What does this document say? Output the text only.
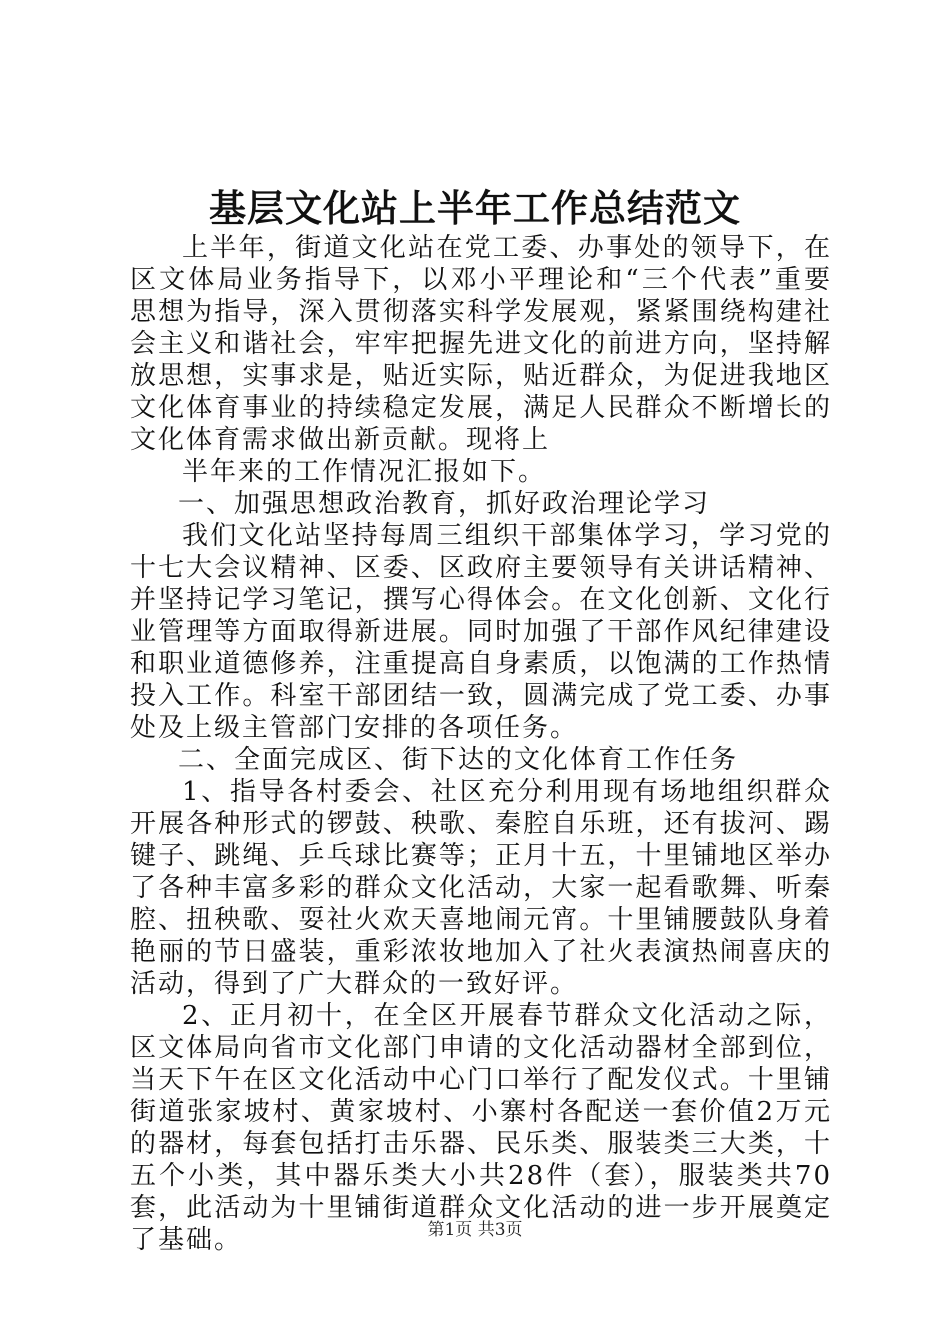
基层文化站上半年工作总结范文

上半年，街道文化站在党工委、办事处的领导下，在区文体局业务指导下，以邓小平理论和“三个代表”重要思想为指导，深入贯彻落实科学发展观，紧紧围绕构建社会主义和谐社会，牢牢把握先进文化的前进方向，坚持解放思想，实事求是，贴近实际，贴近群众，为促进我地区文化体育事业的持续稳定发展，满足人民群众不断增长的文化体育需求做出新贡献。现将上

半年来的工作情况汇报如下。

一、加强思想政治教育，抓好政治理论学习

我们文化站坚持每周三组织干部集体学习，学习党的十七大会议精神、区委、区政府主要领导有关讲话精神、并坚持记学习笔记，撰写心得体会。在文化创新、文化行业管理等方面取得新进展。同时加强了干部作风纪律建设和职业道德修养，注重提高自身素质，以饱满的工作热情投入工作。科室干部团结一致，圆满完成了党工委、办事处及上级主管部门安排的各项任务。

二、全面完成区、街下达的文化体育工作任务

1、指导各村委会、社区充分利用现有场地组织群众开展各种形式的锣鼓、秧歌、秦腔自乐班，还有拔河、踢键子、跳绳、乒乓球比赛等；正月十五，十里铺地区举办了各种丰富多彩的群众文化活动，大家一起看歌舞、听秦腔、扭秧歌、耍社火欢天喜地闹元宵。十里铺腰鼓队身着艳丽的节日盛装，重彩浓妆地加入了社火表演热闹喜庆的活动，得到了广大群众的一致好评。

2、正月初十，在全区开展春节群众文化活动之际，区文体局向省市文化部门申请的文化活动器材全部到位，当天下午在区文化活动中心门口举行了配发仪式。十里铺街道张家坡村、黄家坡村、小寨村各配送一套价值2万元的器材，每套包括打击乐器、民乐类、服装类三大类，十五个小类，其中器乐类大小共28件（套），服装类共70套，此活动为十里铺街道群众文化活动的进一步开展奠定了基础。	第1页 共3页
